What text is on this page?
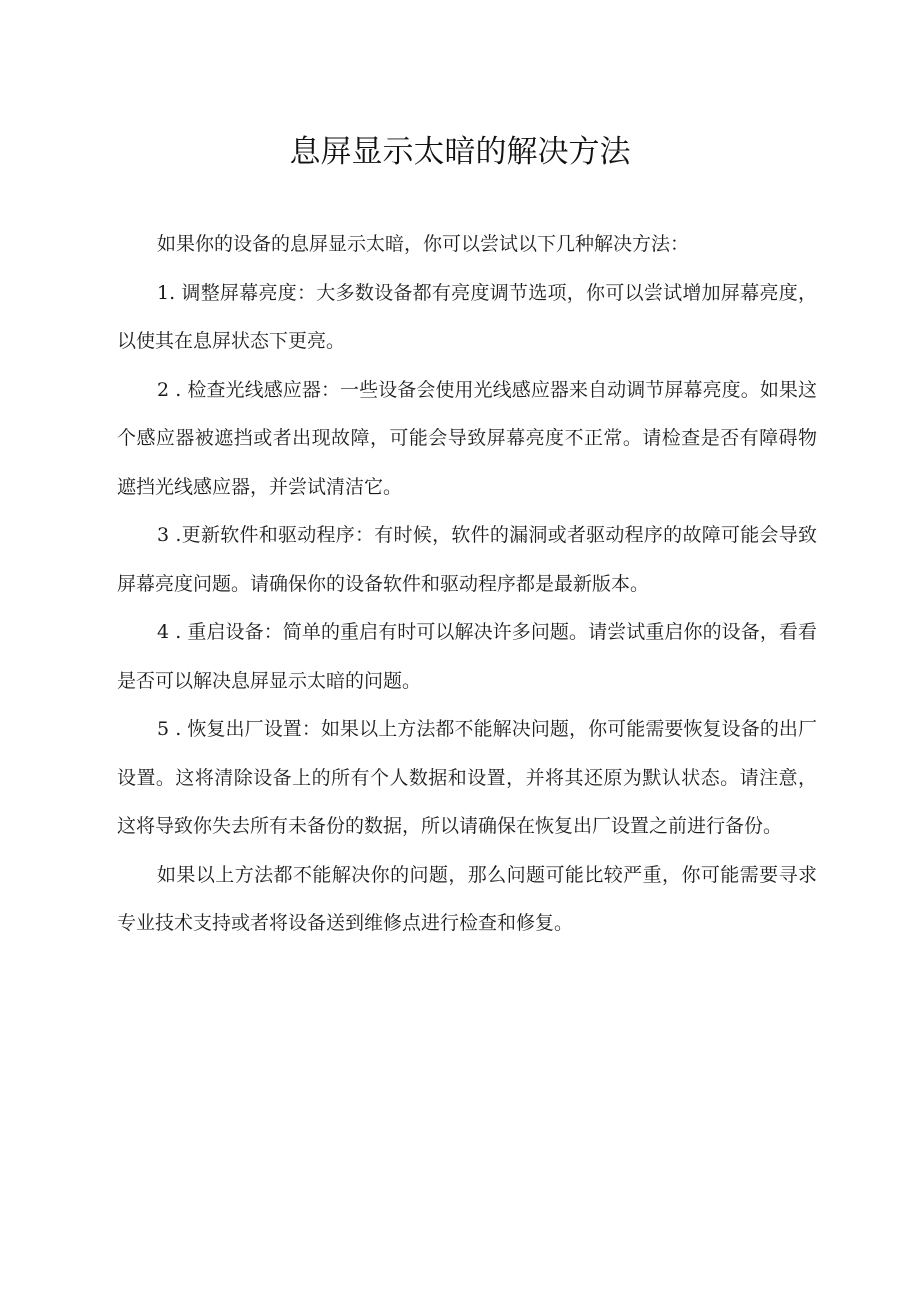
息屏显示太暗的解决方法

如果你的设备的息屏显示太暗，你可以尝试以下几种解决方法：

1. 调整屏幕亮度：大多数设备都有亮度调节选项，你可以尝试增加屏幕亮度，以使其在息屏状态下更亮。

2 . 检查光线感应器：一些设备会使用光线感应器来自动调节屏幕亮度。如果这个感应器被遮挡或者出现故障，可能会导致屏幕亮度不正常。请检查是否有障碍物遮挡光线感应器，并尝试清洁它。

3 .更新软件和驱动程序：有时候，软件的漏洞或者驱动程序的故障可能会导致屏幕亮度问题。请确保你的设备软件和驱动程序都是最新版本。

4 . 重启设备：简单的重启有时可以解决许多问题。请尝试重启你的设备，看看是否可以解决息屏显示太暗的问题。

5 . 恢复出厂设置：如果以上方法都不能解决问题，你可能需要恢复设备的出厂设置。这将清除设备上的所有个人数据和设置，并将其还原为默认状态。请注意，这将导致你失去所有未备份的数据，所以请确保在恢复出厂设置之前进行备份。

如果以上方法都不能解决你的问题，那么问题可能比较严重，你可能需要寻求专业技术支持或者将设备送到维修点进行检查和修复。
